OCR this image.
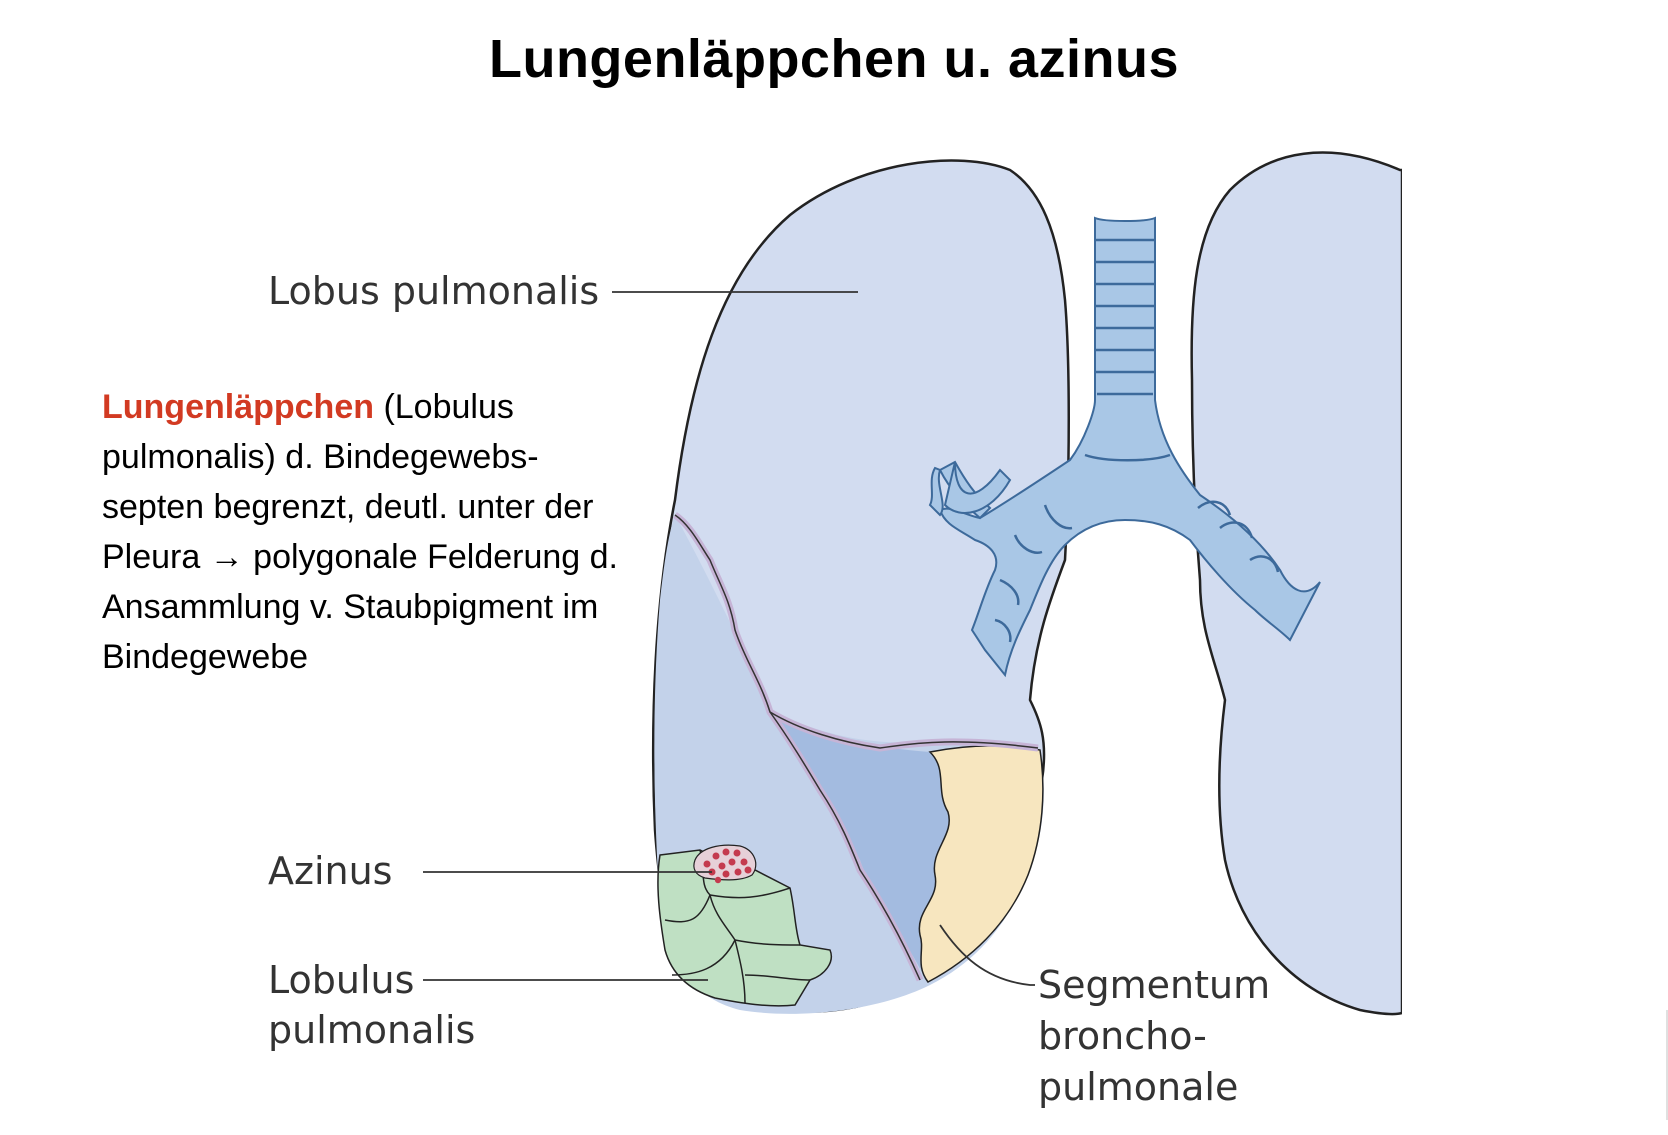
Lungenläppchen u. azinus
Lungenläppchen (Lobulus pulmonalis) d. Bindegewebs-septen begrenzt, deutl. unter der Pleura → polygonale Felderung d. Ansammlung v. Staubpigment im Bindegewebe
Lobus pulmonalis
Azinus
Lobulus
pulmonalis
Segmentum
broncho-
pulmonale
